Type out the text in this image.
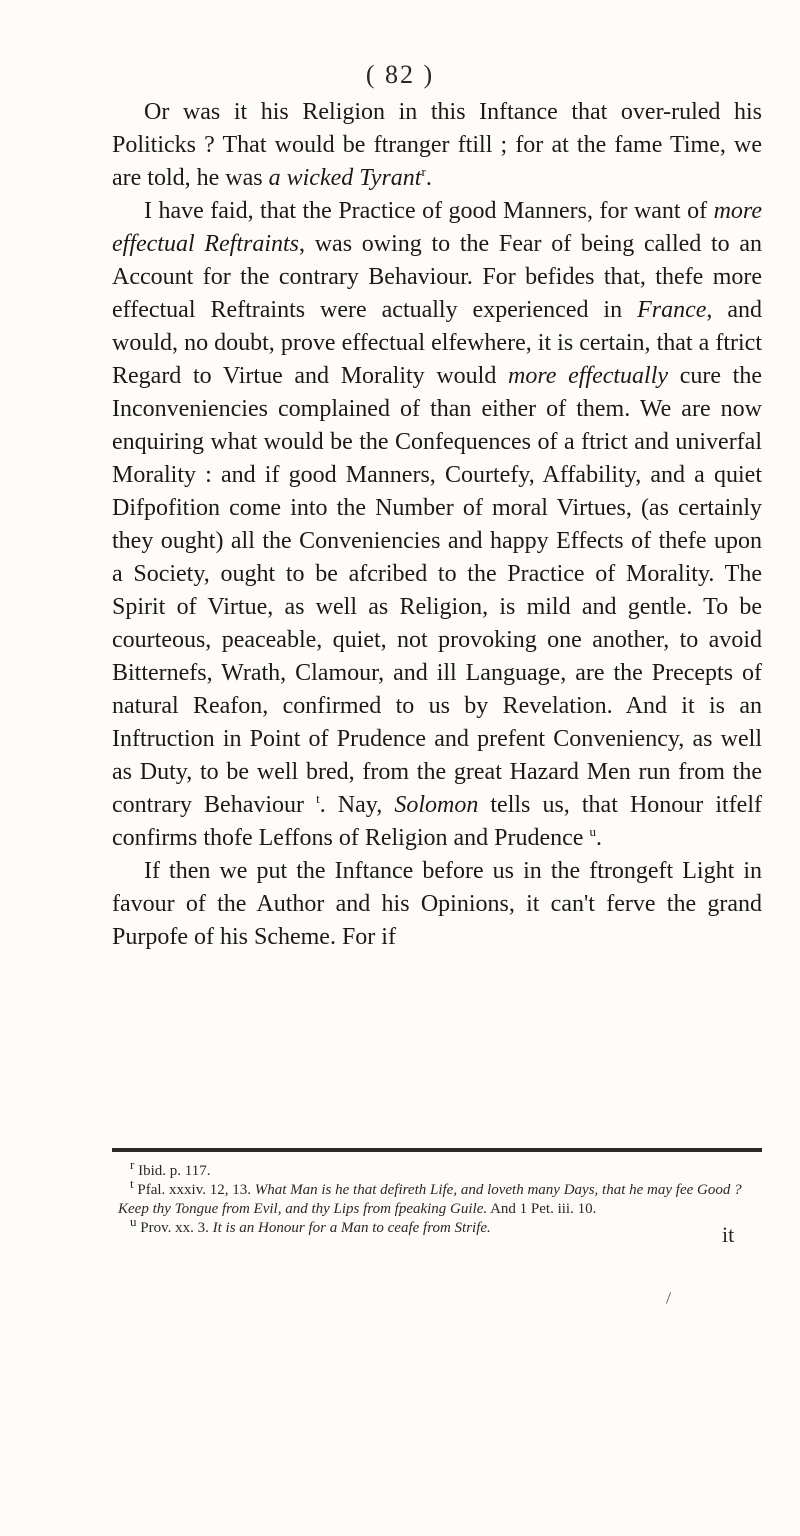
( 82 )

Or was it his Religion in this Inftance that over-ruled his Politicks ? That would be ftranger ftill ; for at the fame Time, we are told, he was a wicked Tyrant$^r$.

I have faid, that the Practice of good Manners, for want of more effectual Reftraints, was owing to the Fear of being called to an Account for the contrary Behaviour. For befides that, thefe more effectual Reftraints were actually experienced in France, and would, no doubt, prove effectual elfewhere, it is certain, that a ftrict Regard to Virtue and Morality would more effectually cure the Inconveniencies complained of than either of them. We are now enquiring what would be the Confequences of a ftrict and univerfal Morality : and if good Manners, Courtefy, Affability, and a quiet Difpofition come into the Number of moral Virtues, (as certainly they ought) all the Conveniencies and happy Effects of thefe upon a Society, ought to be afcribed to the Practice of Morality. The Spirit of Virtue, as well as Religion, is mild and gentle. To be courteous, peaceable, quiet, not provoking one another, to avoid Bitternefs, Wrath, Clamour, and ill Language, are the Precepts of natural Reafon, confirmed to us by Revelation. And it is an Inftruction in Point of Prudence and prefent Conveniency, as well as Duty, to be well bred, from the great Hazard Men run from the contrary Behaviour $^t$. Nay, Solomon tells us, that Honour itfelf confirms thofe Leffons of Religion and Prudence $^u$.

If then we put the Inftance before us in the ftrongeft Light in favour of the Author and his Opinions, it can't ferve the grand Purpofe of his Scheme. For if

$^r$ Ibid. p. 117.

$^t$ Pfal. xxxiv. 12, 13. What Man is he that defireth Life, and loveth many Days, that he may fee Good ? Keep thy Tongue from Evil, and thy Lips from fpeaking Guile. And 1 Pet. iii. 10.

$^u$ Prov. xx. 3. It is an Honour for a Man to ceafe from Strife.	it
